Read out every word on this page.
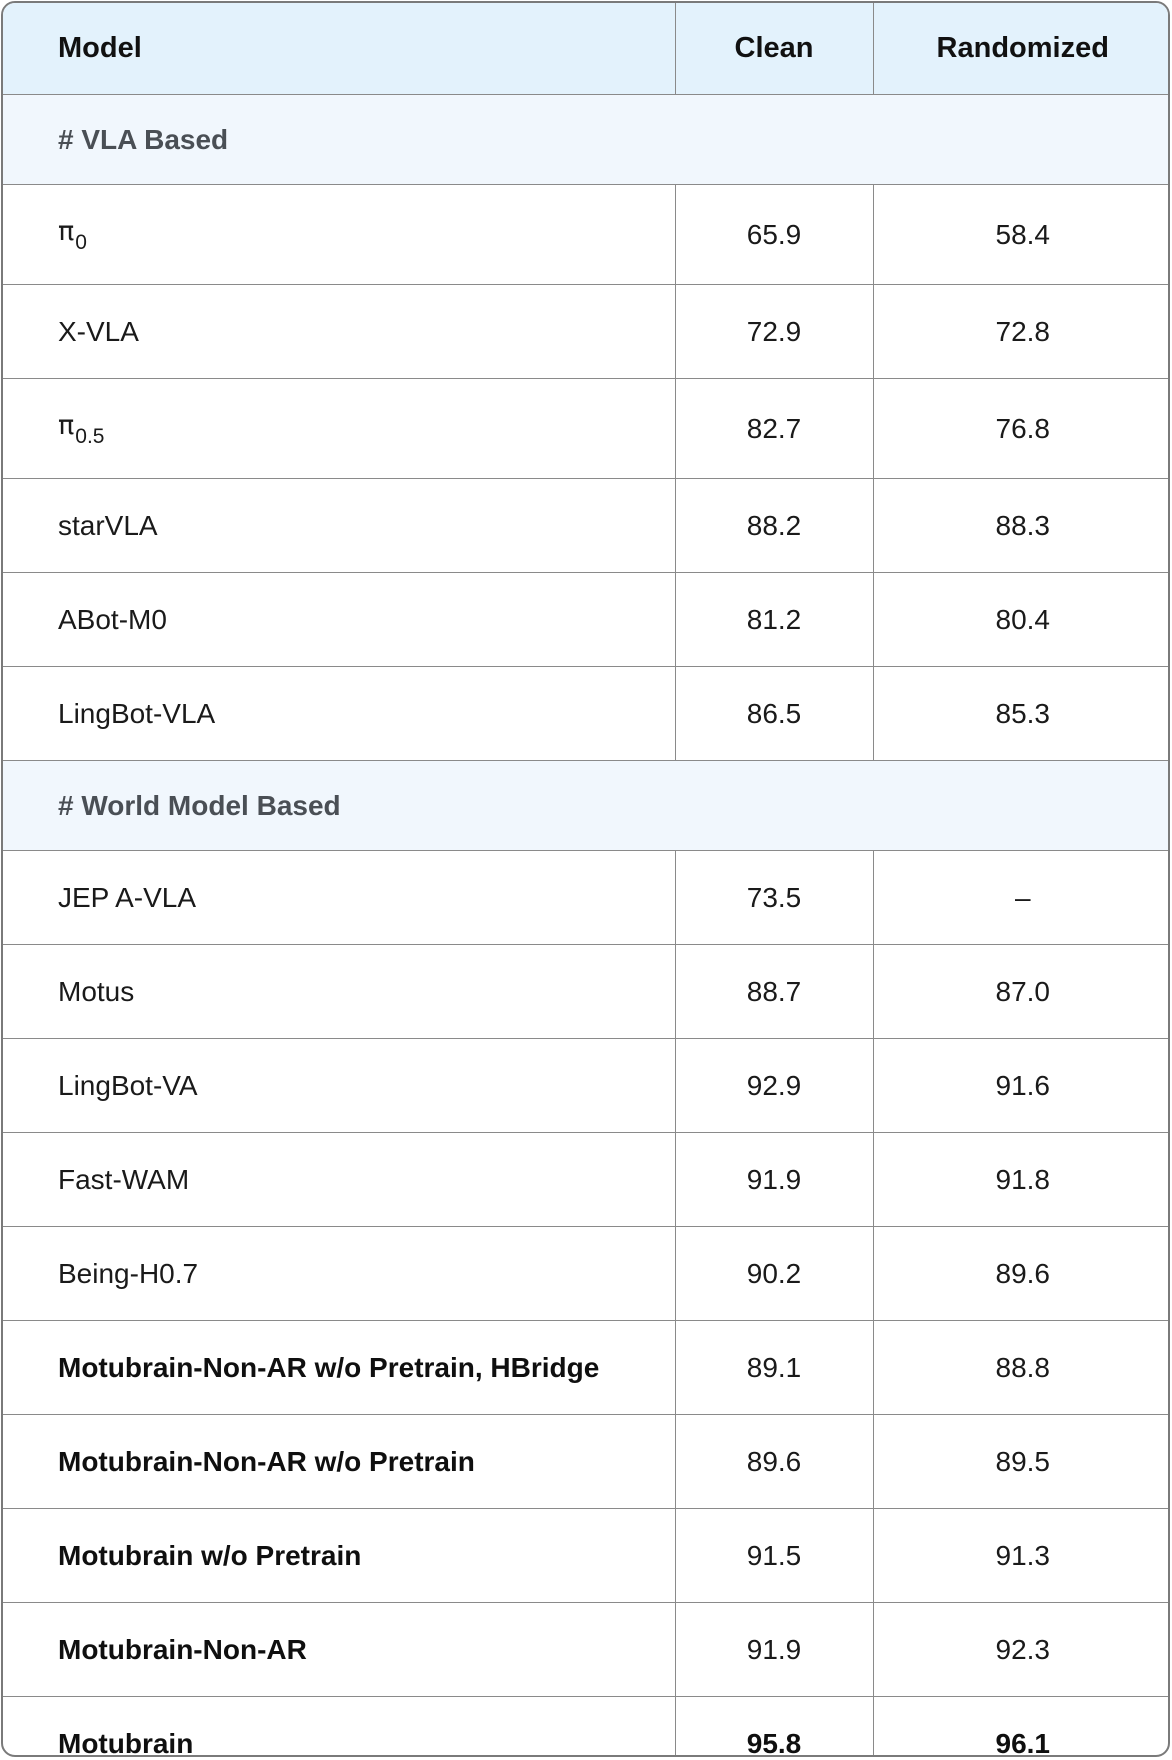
Model	Clean	Randomized
# VLA Based		
$\pi_0$	65.9	58.4
X-VLA	72.9	72.8
$\pi_{0.5}$	82.7	76.8
starVLA	88.2	88.3
ABot-M0	81.2	80.4
LingBot-VLA	86.5	85.3
# World Model Based		
JEP A-VLA	73.5	–
Motus	88.7	87.0
LingBot-VA	92.9	91.6
Fast-WAM	91.9	91.8
Being-H0.7	90.2	89.6
Motubrain-Non-AR w/o Pretrain, HBridge	89.1	88.8
Motubrain-Non-AR w/o Pretrain	89.6	89.5
Motubrain w/o Pretrain	91.5	91.3
Motubrain-Non-AR	91.9	92.3
Motubrain	95.8	96.1
